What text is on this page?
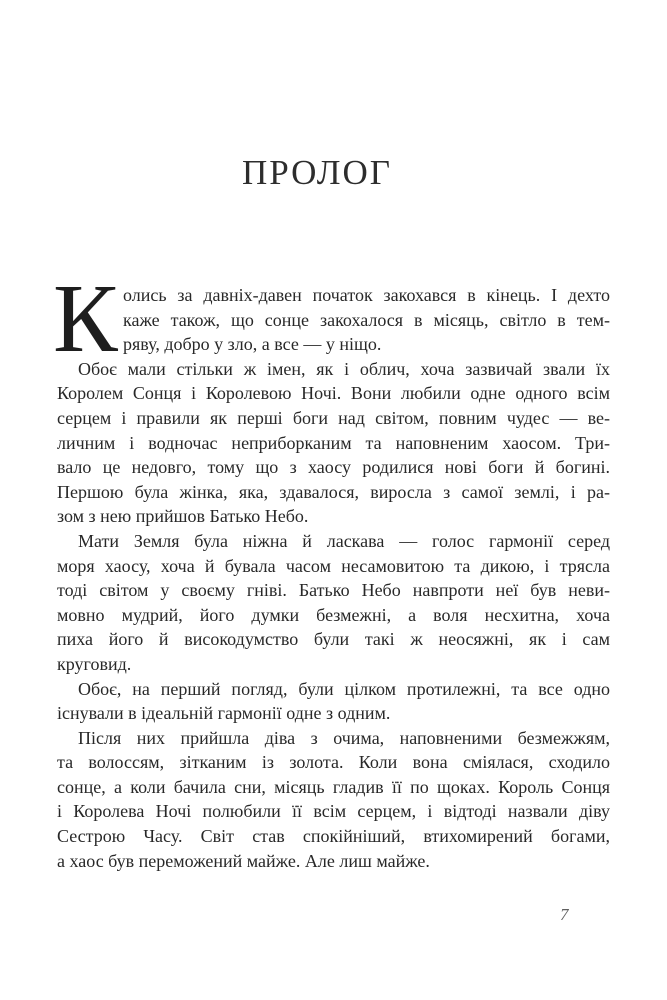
ПРОЛОГ
К олись за давніх-давен початок закохався в кінець. І дехто
каже також, що сонце закохалося в місяць, світло в тем-
ряву, добро у зло, а все — у ніщо.
Обоє мали стільки ж імен, як і облич, хоча зазвичай звали їх
Королем Сонця і Королевою Ночі. Вони любили одне одного всім
серцем і правили як перші боги над світом, повним чудес — ве-
личним і водночас неприборканим та наповненим хаосом. Три-
вало це недовго, тому що з хаосу родилися нові боги й богині.
Першою була жінка, яка, здавалося, виросла з самої землі, і ра-
зом з нею прийшов Батько Небо.
Мати Земля була ніжна й ласкава — голос гармонії серед
моря хаосу, хоча й бувала часом несамовитою та дикою, і трясла
тоді світом у своєму гніві. Батько Небо навпроти неї був неви-
мовно мудрий, його думки безмежні, а воля несхитна, хоча
пиха його й високодумство були такі ж неосяжні, як і сам
круговид.
Обоє, на перший погляд, були цілком протилежні, та все одно
існували в ідеальній гармонії одне з одним.
Після них прийшла діва з очима, наповненими безмежжям,
та волоссям, зітканим із золота. Коли вона сміялася, сходило
сонце, а коли бачила сни, місяць гладив її по щоках. Король Сонця
і Королева Ночі полюбили її всім серцем, і відтоді назвали діву
Сестрою Часу. Світ став спокійніший, втихомирений богами,
а хаос був переможений майже. Але лиш майже.
7
